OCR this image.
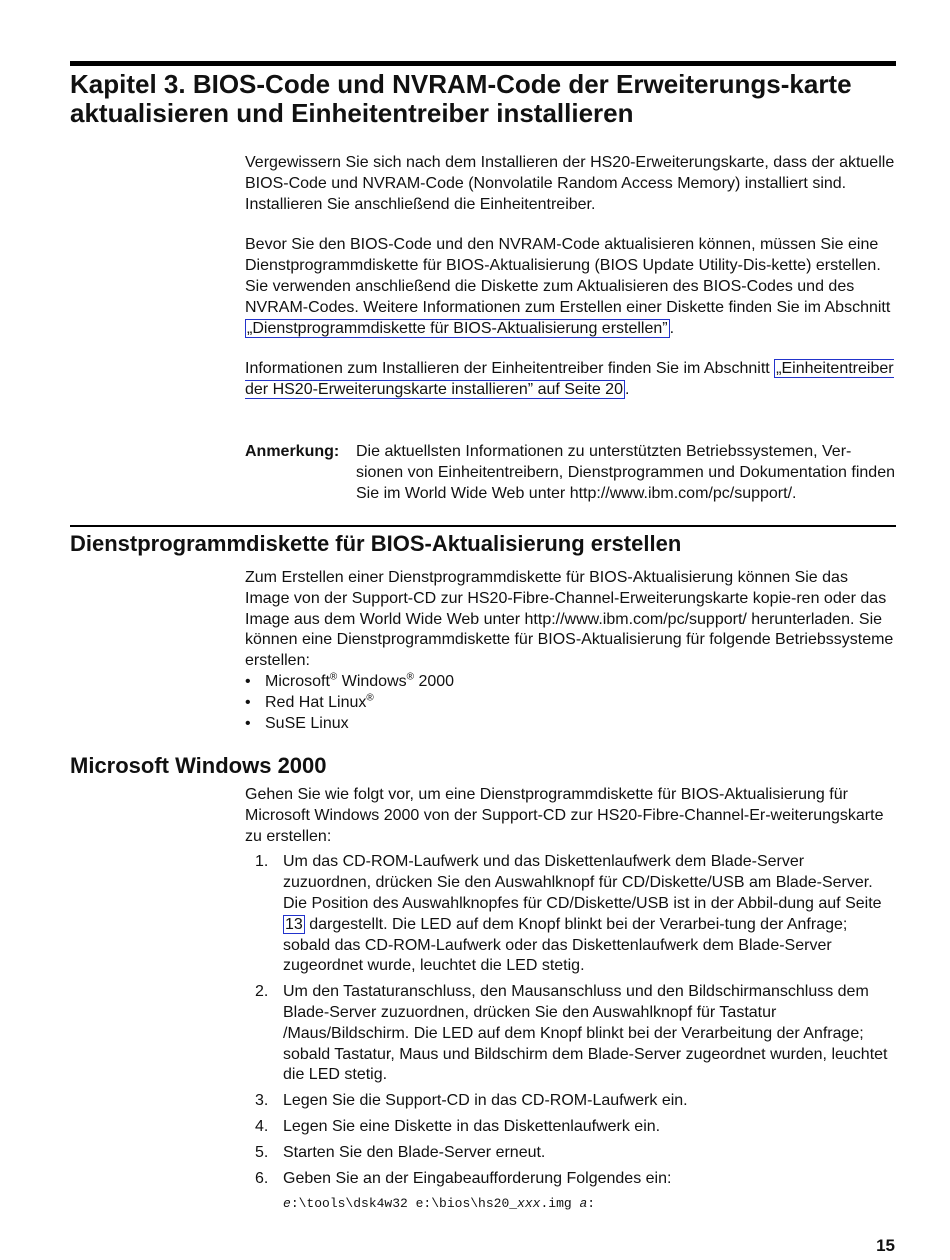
Kapitel 3. BIOS-Code und NVRAM-Code der Erweiterungs-karte aktualisieren und Einheitentreiber installieren

Vergewissern Sie sich nach dem Installieren der HS20-Erweiterungskarte, dass der aktuelle BIOS-Code und NVRAM-Code (Nonvolatile Random Access Memory) installiert sind. Installieren Sie anschließend die Einheitentreiber.

Bevor Sie den BIOS-Code und den NVRAM-Code aktualisieren können, müssen Sie eine Dienstprogrammdiskette für BIOS-Aktualisierung (BIOS Update Utility-Dis-kette) erstellen. Sie verwenden anschließend die Diskette zum Aktualisieren des BIOS-Codes und des NVRAM-Codes. Weitere Informationen zum Erstellen einer Diskette finden Sie im Abschnitt „Dienstprogrammdiskette für BIOS-Aktualisierung erstellen” .

Informationen zum Installieren der Einheitentreiber finden Sie im Abschnitt „Einheitentreiber der HS20-Erweiterungskarte installieren” auf Seite 20 .

Anmerkung: Die aktuellsten Informationen zu unterstützten Betriebssystemen, Ver-sionen von Einheitentreibern, Dienstprogrammen und Dokumentation finden Sie im World Wide Web unter http://www.ibm.com/pc/support/.
Dienstprogrammdiskette für BIOS-Aktualisierung erstellen

Zum Erstellen einer Dienstprogrammdiskette für BIOS-Aktualisierung können Sie das Image von der Support-CD zur HS20-Fibre-Channel-Erweiterungskarte kopie-ren oder das Image aus dem World Wide Web unter http://www.ibm.com/pc/support/ herunterladen. Sie können eine Dienstprogrammdiskette für BIOS-Aktualisierung für folgende Betriebssysteme erstellen:

• Microsoft® Windows® 2000
• Red Hat Linux®
• SuSE Linux
Microsoft Windows 2000

Gehen Sie wie folgt vor, um eine Dienstprogrammdiskette für BIOS-Aktualisierung für Microsoft Windows 2000 von der Support-CD zur HS20-Fibre-Channel-Er-weiterungskarte zu erstellen:

1. Um das CD-ROM-Laufwerk und das Diskettenlaufwerk dem Blade-Server zuzuordnen, drücken Sie den Auswahlknopf für CD/Diskette/USB am Blade-Server. Die Position des Auswahlknopfes für CD/Diskette/USB ist in der Abbil-dung auf Seite 13 dargestellt. Die LED auf dem Knopf blinkt bei der Verarbei-tung der Anfrage; sobald das CD-ROM-Laufwerk oder das Diskettenlaufwerk dem Blade-Server zugeordnet wurde, leuchtet die LED stetig.
2. Um den Tastaturanschluss, den Mausanschluss und den Bildschirmanschluss dem Blade-Server zuzuordnen, drücken Sie den Auswahlknopf für Tastatur /Maus/Bildschirm. Die LED auf dem Knopf blinkt bei der Verarbeitung der Anfrage; sobald Tastatur, Maus und Bildschirm dem Blade-Server zugeordnet wurden, leuchtet die LED stetig.
3. Legen Sie die Support-CD in das CD-ROM-Laufwerk ein.
4. Legen Sie eine Diskette in das Diskettenlaufwerk ein.
5. Starten Sie den Blade-Server erneut.
6. Geben Sie an der Eingabeaufforderung Folgendes ein:
e:\tools\dsk4w32 e:\bios\hs20_xxx.img a:
15
